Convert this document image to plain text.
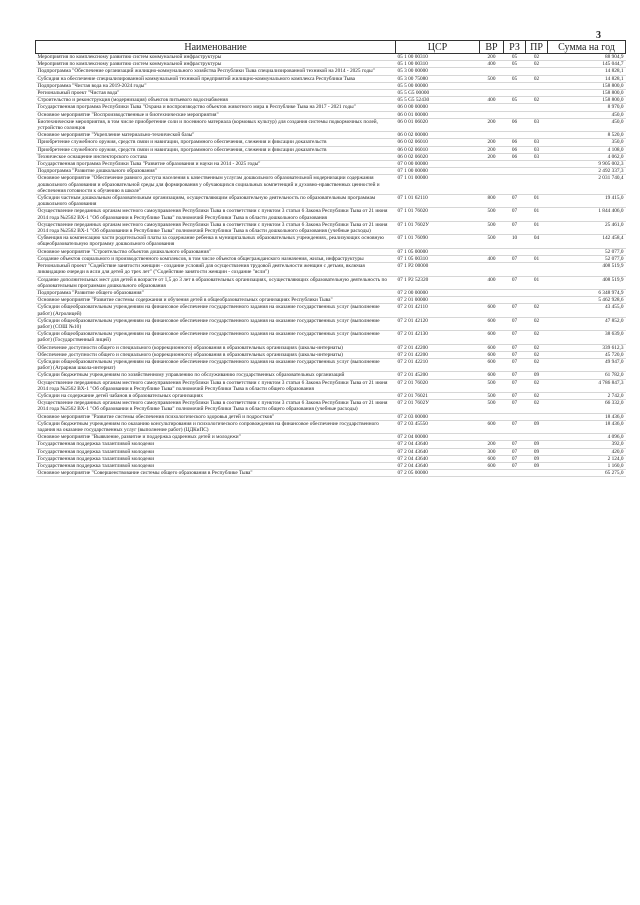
3
Наименование	ЦСР	ВР	РЗ	ПР	Сумма на год
Мероприятия по комплексному развитию систем коммунальной инфраструктуры	05 1 00 00310	200	05	02	88 904,9
Мероприятия по комплексному развитию систем коммунальной инфраструктуры	05 1 00 00310	400	05	02	145 044,7
Подпрограмма "Обеспечение организаций жилищно-коммунального хозяйства Республики Тыва специализированной техникой на 2014 - 2025 годы"	05 3 00 00000				14 828,1
Субсидия на обеспечение специализированной коммунальной техникой предприятий жилищно-коммунального комплекса Республики Тыва	05 3 00 75080	500	05	02	14 828,1
Подпрограмма "Чистая вода на 2019-2024 годы"	05 5 00 00000				158 800,0
Региональный проект "Чистая вода"	05 5 G5 00000				158 800,0
Строительство и реконструкция (модернизация) объектов питьевого водоснабжения	05 5 G5 52430	400	05	02	158 800,0
Государственная программа Республики Тыва "Охрана и воспроизводство объектов животного мира в Республике Тыва на 2017 - 2021 годы"	06 0 00 00000				8 970,0
Основное мероприятие "Воспроизводственные и биотехнические мероприятия"	06 0 01 00000				450,0
Биотехнические мероприятия, в том числе приобретение соли и посевного материала (кормовых культур) для создания системы подкормочных полей, устройство солонцов	06 0 01 06020	200	06	03	450,0
Основное мероприятие "Укрепление материально-технической базы"	06 0 02 00000				8 520,0
Приобретение служебного оружия, средств связи и навигации, программного обеспечения, слежения и фиксации доказательств	06 0 02 06010	200	06	03	350,0
Приобретение служебного оружия, средств связи и навигации, программного обеспечения, слежения и фиксации доказательств	06 0 02 06010	200	06	03	4 108,0
Техническое оснащение инспекторского состава	06 0 02 06020	200	06	03	4 062,0
Государственная программа Республики Тыва "Развитие образования и науки на 2014 - 2025 годы"	07 0 00 00000				9 905 002,3
Подпрограмма "Развитие дошкольного образования"	07 1 00 00000				2 492 337,3
Основное мероприятие "Обеспечение равного доступа населения к качественным услугам дошкольного образовательной модернизации содержания дошкольного образования и образовательной среды для формирования у обучающихся социальных компетенций и духовно-нравственных ценностей и обеспечения готовности к обучению в школе"	07 1 01 00000				2 031 740,4
Субсидии частным дошкольным образовательным организациям, осуществляющим образовательную деятельность по образовательным программам дошкольного образования	07 1 01 62110	800	07	01	19 415,0
Осуществление переданных органам местного самоуправления Республики Тыва в соответствии с пунктом 3 статьи 6 Закона Республики Тыва от 21 июня 2014 года №2562 ВХ-1 "Об образовании в Республике Тыва" полномочий Республики Тыва в области дошкольного образования	07 1 01 76020	500	07	01	1 844 406,0
Осуществление переданных органам местного самоуправления Республики Тыва в соответствии с пунктом 3 статьи 6 Закона Республики Тыва от 21 июня 2014 года №2562 ВХ-1 "Об образовании в Республике Тыва" полномочий Республики Тыва в области дошкольного образования (учебные расходы)	07 1 01 7602У	500	07	01	25 461,0
Субвенция на компенсацию части родительской платы за содержание ребенка в муниципальных образовательных учреждениях, реализующих основную общеобразовательную программу дошкольного образования	07 1 01 76090	500	10	04	142 458,4
Основное мероприятие "Строительство объектов дошкольного образования"	07 1 05 00000				52 077,0
Создание объектов социального и производственного комплексов, в том числе объектов общегражданского назначения, жилья, инфраструктуры	07 1 05 00310	400	07	01	52 077,0
Региональный проект "Содействие занятости женщин - создание условий для осуществления трудовой деятельности женщин с детьми, включая ликвидацию очереди в ясли для детей до трех лет" ("Содействие занятости женщин - создание "ясли")	07 1 P2 00000				408 519,9
Создание дополнительных мест для детей в возрасте от 1,5 до 3 лет в образовательных организациях, осуществляющих образовательную деятельность по образовательным программам дошкольного образования	07 1 P2 52320	400	07	01	408 519,9
Подпрограмма "Развитие общего образования"	07 2 00 00000				6 348 974,9
Основное мероприятие "Развитие системы содержания и обучения детей в общеобразовательных организациях Республики Тыва"	07 2 01 00000				5 462 928,6
Субсидии общеобразовательным учреждениям на финансовое обеспечение государственного задания на оказание государственных услуг (выполнение работ) (Агролицей)	07 2 01 42110	600	07	02	43 455,0
Субсидии общеобразовательным учреждениям на финансовое обеспечение государственного задания на оказание государственных услуг (выполнение работ) (СОШ №10)	07 2 01 42120	600	07	02	47 852,0
Субсидии общеобразовательным учреждениям на финансовое обеспечение государственного задания на оказание государственных услуг (выполнение работ) (Государственный лицей)	07 2 01 42130	600	07	02	38 639,0
Обеспечение доступности общего и специального (коррекционного) образования в образовательных организациях (школы-интернаты)	07 2 01 42200	600	07	02	339 612,3
Обеспечение доступности общего и специального (коррекционного) образования в образовательных организациях (школы-интернаты)	07 2 01 42200	600	07	02	45 720,0
Субсидии общеобразовательным учреждениям на финансовое обеспечение государственного задания на оказание государственных услуг (выполнение работ) (Аграрная школа-интернат)	07 2 01 42210	600	07	02	49 947,0
Субсидии бюджетным учреждениям по хозяйственному управлению по обслуживанию государственных образовательных организаций	07 2 01 45200	600	07	09	61 782,0
Осуществление переданных органам местного самоуправления Республики Тыва в соответствии с пунктом 3 статьи 6 Закона Республики Тыва от 21 июня 2014 года №2562 ВХ-1 "Об образовании в Республике Тыва" полномочий Республики Тыва в области общего образования	07 2 01 76020	500	07	02	4 786 847,3
Субсидии на содержание детей чабанов в образовательных организациях	07 2 01 76021	500	07	02	2 742,0
Осуществление переданных органам местного самоуправления Республики Тыва в соответствии с пунктом 3 статьи 6 Закона Республики Тыва от 21 июня 2014 года №2562 ВХ-1 "Об образовании в Республике Тыва" полномочий Республики Тыва в области общего образования (учебные расходы)	07 2 01 7602У	500	07	02	66 332,0
Основное мероприятие "Развитие системы обеспечения психологического здоровья детей и подростков"	07 2 03 00000				18 436,0
Субсидии бюджетным учреждениям по оказанию консультирования и психологического сопровождения на финансовое обеспечение государственного задания на оказание государственных услуг (выполнение работ) (ЦДКиПС)	07 2 03 45550	600	07	09	18 436,0
Основное мероприятие "Выявление, развитие и поддержка одаренных детей и молодежи"	07 2 04 00000				4 096,0
Государственная поддержка талантливой молодежи	07 2 04 43640	200	07	09	392,0
Государственная поддержка талантливой молодежи	07 2 04 43640	300	07	09	420,0
Государственная поддержка талантливой молодежи	07 2 04 43640	600	07	09	2 124,0
Государственная поддержка талантливой молодежи	07 2 04 43640	600	07	09	1 160,0
Основное мероприятие "Совершенствование системы общего образования в Республике Тыва"	07 2 05 00000				65 275,0
